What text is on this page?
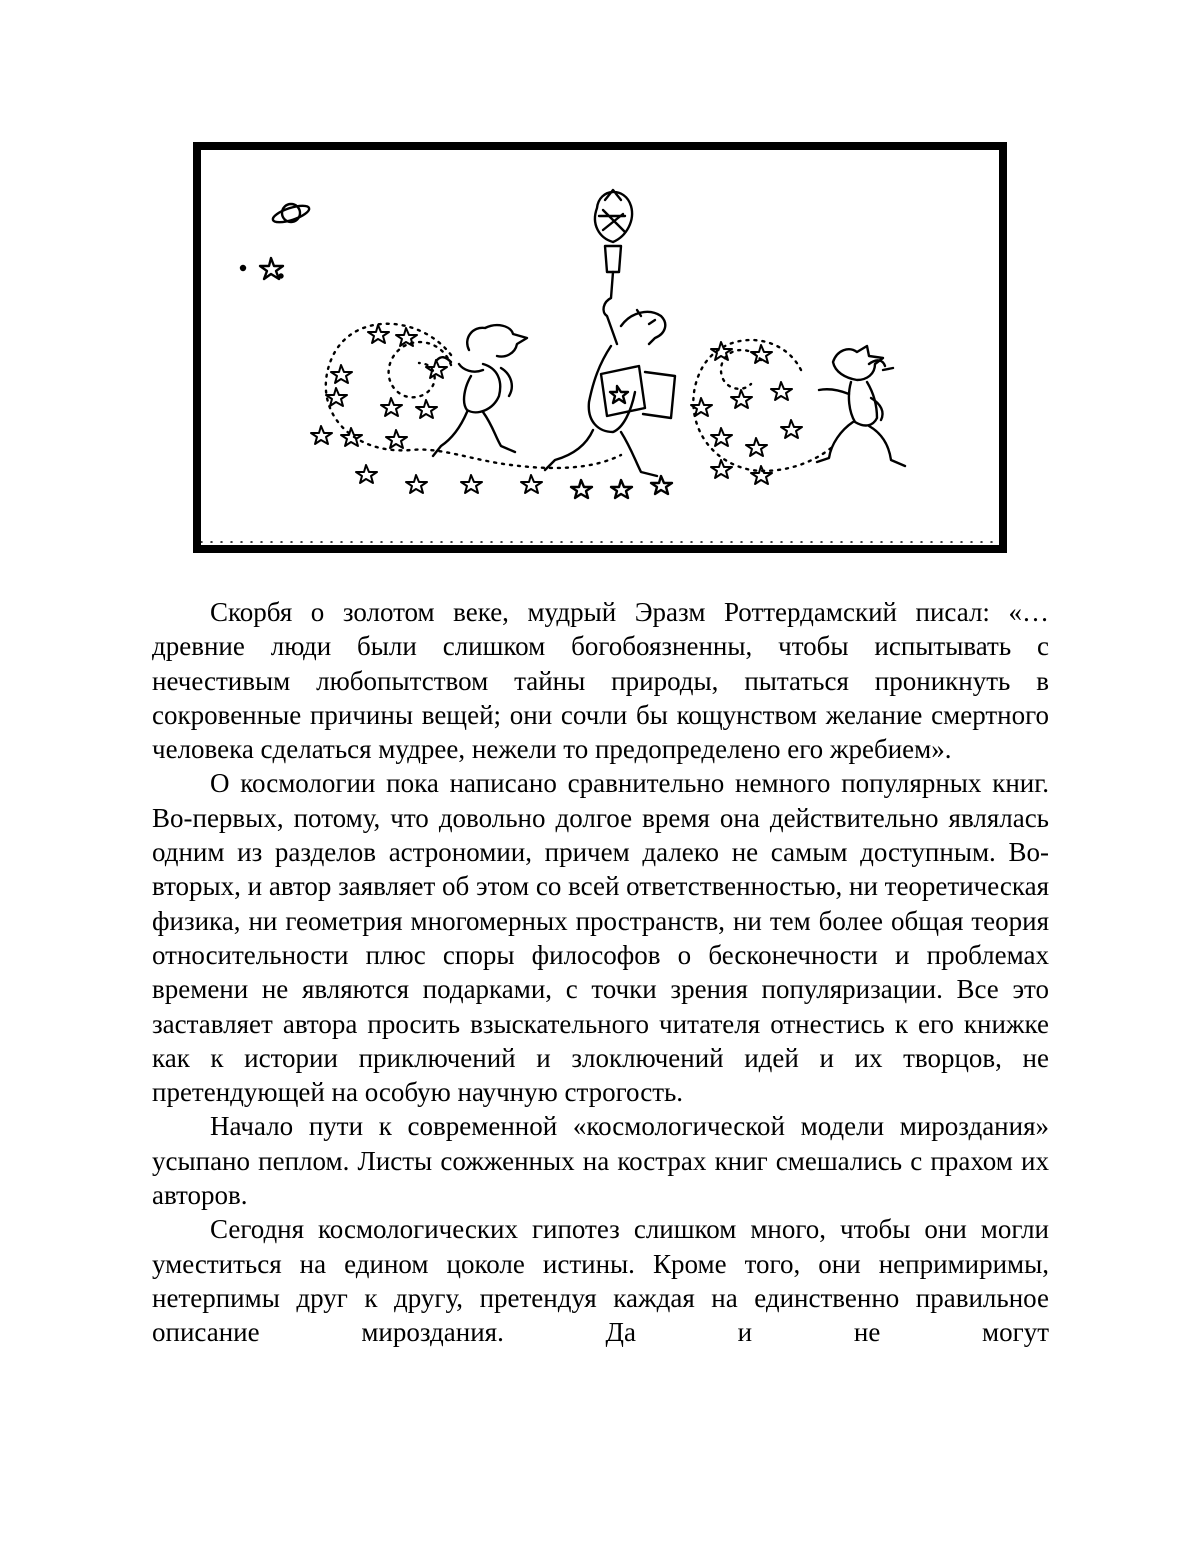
Скорбя о золотом веке, мудрый Эразм Роттердамский писал: «… древние люди были слишком богобоязненны, чтобы испытывать с нечестивым любопытством тайны природы, пытаться проникнуть в сокровенные причины вещей; они сочли бы кощунством желание смертного человека сделаться мудрее, нежели то предопределено его жребием».

О космологии пока написано сравнительно немного популярных книг. Во-первых, потому, что довольно долгое время она действительно являлась одним из разделов астрономии, причем далеко не самым доступным. Во-вторых, и автор заявляет об этом со всей ответственностью, ни теоретическая физика, ни геометрия многомерных пространств, ни тем более общая теория относительности плюс споры философов о бесконечности и проблемах времени не являются подарками, с точки зрения популяризации. Все это заставляет автора просить взыскательного читателя отнестись к его книжке как к истории приключений и злоключений идей и их творцов, не претендующей на особую научную строгость.

Начало пути к современной «космологической модели мироздания» усыпано пеплом. Листы сожженных на кострах книг смешались с прахом их авторов.

Сегодня космологических гипотез слишком много, чтобы они могли уместиться на едином цоколе истины. Кроме того, они непримиримы, нетерпимы друг к другу, претендуя каждая на единственно правильное описание мироздания. Да и не могут
